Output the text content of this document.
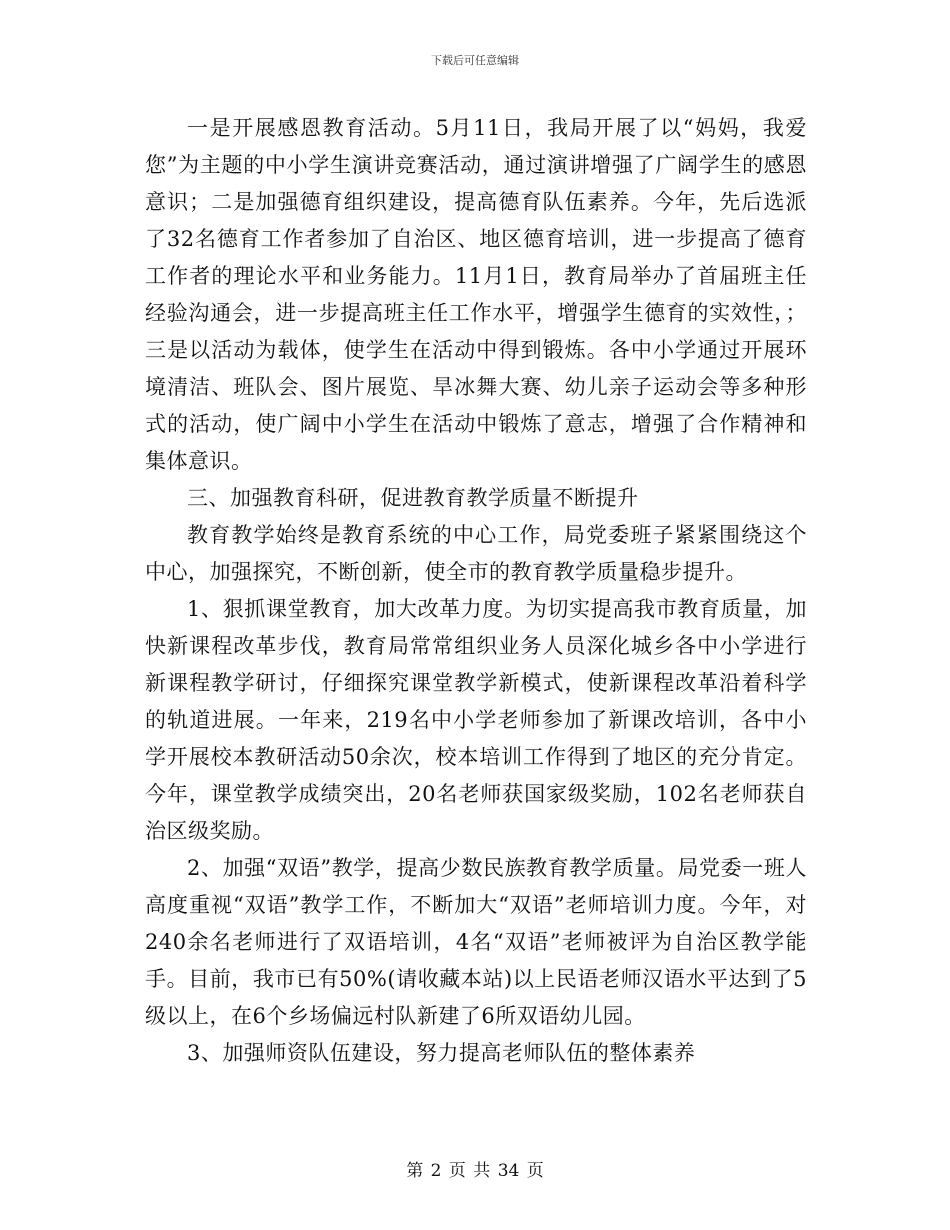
下载后可任意编辑

一是开展感恩教育活动。5月11日，我局开展了以“妈妈，我爱您”为主题的中小学生演讲竞赛活动，通过演讲增强了广阔学生的感恩意识；二是加强德育组织建设，提高德育队伍素养。今年，先后选派了32名德育工作者参加了自治区、地区德育培训，进一步提高了德育工作者的理论水平和业务能力。11月1日，教育局举办了首届班主任经验沟通会，进一步提高班主任工作水平，增强学生德育的实效性，；三是以活动为载体，使学生在活动中得到锻炼。各中小学通过开展环境清洁、班队会、图片展览、旱冰舞大赛、幼儿亲子运动会等多种形式的活动，使广阔中小学生在活动中锻炼了意志，增强了合作精神和集体意识。

三、加强教育科研，促进教育教学质量不断提升

教育教学始终是教育系统的中心工作，局党委班子紧紧围绕这个中心，加强探究，不断创新，使全市的教育教学质量稳步提升。

1、狠抓课堂教育，加大改革力度。为切实提高我市教育质量，加快新课程改革步伐，教育局常常组织业务人员深化城乡各中小学进行新课程教学研讨，仔细探究课堂教学新模式，使新课程改革沿着科学的轨道进展。一年来，219名中小学老师参加了新课改培训，各中小学开展校本教研活动50余次，校本培训工作得到了地区的充分肯定。今年，课堂教学成绩突出，20名老师获国家级奖励，102名老师获自治区级奖励。

2、加强“双语”教学，提高少数民族教育教学质量。局党委一班人高度重视“双语”教学工作，不断加大“双语”老师培训力度。今年，对240余名老师进行了双语培训，4名“双语”老师被评为自治区教学能手。目前，我市已有50%(请收藏本站)以上民语老师汉语水平达到了5级以上，在6个乡场偏远村队新建了6所双语幼儿园。

3、加强师资队伍建设，努力提高老师队伍的整体素养

第 2 页 共 34 页
